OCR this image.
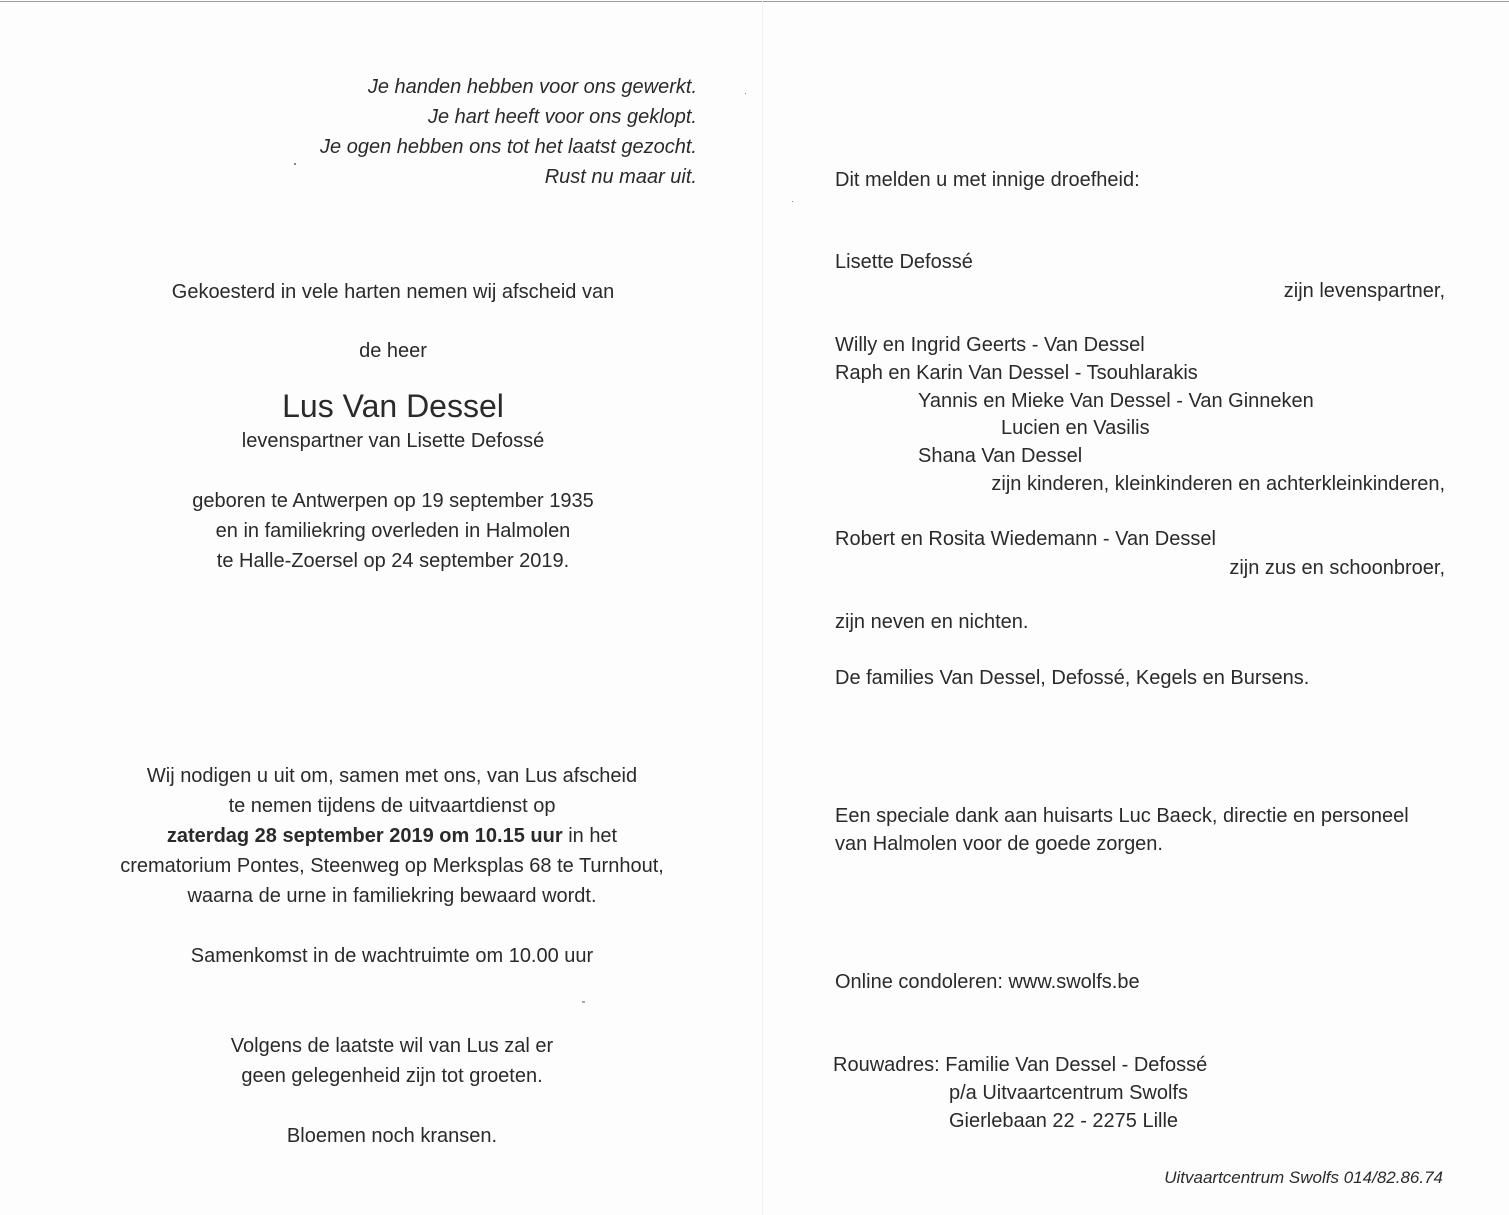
Je handen hebben voor ons gewerkt.
Je hart heeft voor ons geklopt.
Je ogen hebben ons tot het laatst gezocht.
Rust nu maar uit.
Gekoesterd in vele harten nemen wij afscheid van
de heer
Lus Van Dessel
levenspartner van Lisette Defossé
geboren te Antwerpen op 19 september 1935
en in familiekring overleden in Halmolen
te Halle-Zoersel op 24 september 2019.
Wij nodigen u uit om, samen met ons, van Lus afscheid
te nemen tijdens de uitvaartdienst op
zaterdag 28 september 2019 om 10.15 uur in het
crematorium Pontes, Steenweg op Merksplas 68 te Turnhout,
waarna de urne in familiekring bewaard wordt.
Samenkomst in de wachtruimte om 10.00 uur
Volgens de laatste wil van Lus zal er
geen gelegenheid zijn tot groeten.
Bloemen noch kransen.
Dit melden u met innige droefheid:
Lisette Defossé
zijn levenspartner,
Willy en Ingrid Geerts - Van Dessel
Raph en Karin Van Dessel - Tsouhlarakis
Yannis en Mieke Van Dessel - Van Ginneken
Lucien en Vasilis
Shana Van Dessel
zijn kinderen, kleinkinderen en achterkleinkinderen,
Robert en Rosita Wiedemann - Van Dessel
zijn zus en schoonbroer,
zijn neven en nichten.
De families Van Dessel, Defossé, Kegels en Bursens.
Een speciale dank aan huisarts Luc Baeck, directie en personeel
van Halmolen voor de goede zorgen.
Online condoleren: www.swolfs.be
Rouwadres: Familie Van Dessel - Defossé
p/a Uitvaartcentrum Swolfs
Gierlebaan 22 - 2275 Lille
Uitvaartcentrum Swolfs 014/82.86.74
